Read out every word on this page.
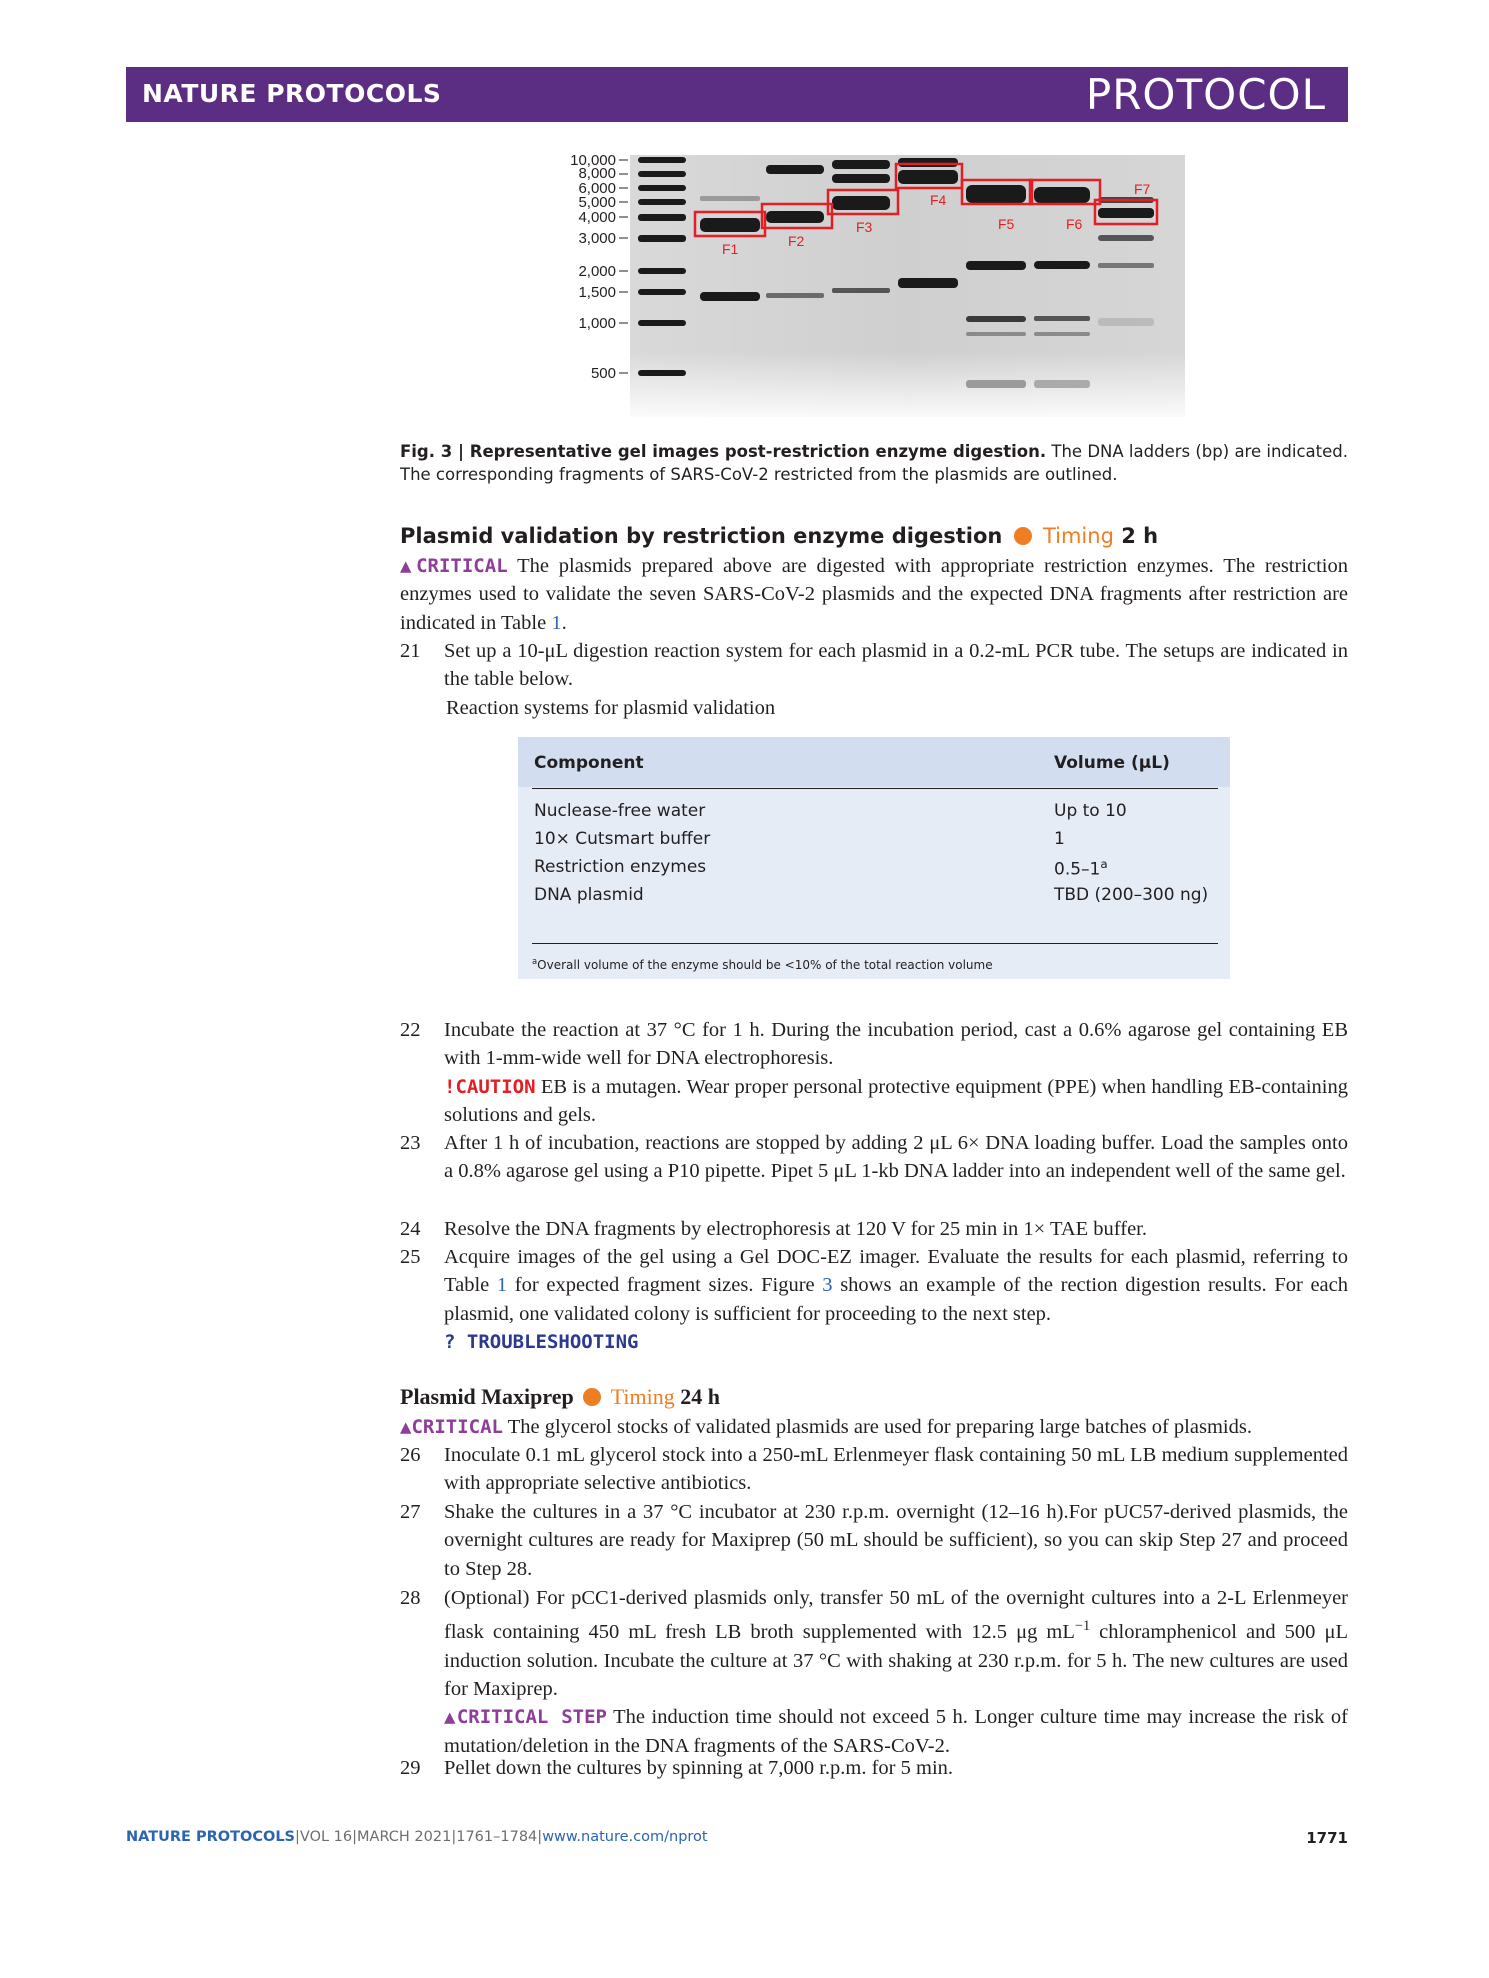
NATURE PROTOCOLS	PROTOCOL
10,000
8,000
6,000
5,000
4,000
3,000
2,000
1,500
1,000
500
F1	F2
F3
F4
F5	F6
F7
Fig. 3 | Representative gel images post-restriction enzyme digestion. The DNA ladders (bp) are indicated. The corresponding fragments of SARS-CoV-2 restricted from the plasmids are outlined.
Plasmid validation by restriction enzyme digestion Timing 2 h
▲CRITICAL The plasmids prepared above are digested with appropriate restriction enzymes. The restriction enzymes used to validate the seven SARS-CoV-2 plasmids and the expected DNA fragments after restriction are indicated in Table 1.
21 Set up a 10-μL digestion reaction system for each plasmid in a 0.2-mL PCR tube. The setups are indicated in the table below.
Reaction systems for plasmid validation
Component	Volume (μL)
Nuclease-free water	Up to 10
10× Cutsmart buffer	1
Restriction enzymes	0.5–1$^a$
DNA plasmid	TBD (200–300 ng)
$^a$Overall volume of the enzyme should be <10% of the total reaction volume
22 Incubate the reaction at 37 °C for 1 h. During the incubation period, cast a 0.6% agarose gel containing EB with 1-mm-wide well for DNA electrophoresis.
!CAUTION EB is a mutagen. Wear proper personal protective equipment (PPE) when handling EB-containing solutions and gels.
23 After 1 h of incubation, reactions are stopped by adding 2 μL 6× DNA loading buffer. Load the samples onto a 0.8% agarose gel using a P10 pipette. Pipet 5 μL 1-kb DNA ladder into an independent well of the same gel.
24 Resolve the DNA fragments by electrophoresis at 120 V for 25 min in 1× TAE buffer.
25 Acquire images of the gel using a Gel DOC-EZ imager. Evaluate the results for each plasmid, referring to Table 1 for expected fragment sizes. Figure 3 shows an example of the rection digestion results. For each plasmid, one validated colony is sufficient for proceeding to the next step.
? TROUBLESHOOTING
Plasmid Maxiprep Timing 24 h
▲CRITICAL The glycerol stocks of validated plasmids are used for preparing large batches of plasmids.
26 Inoculate 0.1 mL glycerol stock into a 250-mL Erlenmeyer flask containing 50 mL LB medium supplemented with appropriate selective antibiotics.
27 Shake the cultures in a 37 °C incubator at 230 r.p.m. overnight (12–16 h).For pUC57-derived plasmids, the overnight cultures are ready for Maxiprep (50 mL should be sufficient), so you can skip Step 27 and proceed to Step 28.
28 (Optional) For pCC1-derived plasmids only, transfer 50 mL of the overnight cultures into a 2-L Erlenmeyer flask containing 450 mL fresh LB broth supplemented with 12.5 μg $mL^{-1}$ chloramphenicol and 500 μL induction solution. Incubate the culture at 37 °C with shaking at 230 r.p.m. for 5 h. The new cultures are used for Maxiprep.
▲CRITICAL STEP The induction time should not exceed 5 h. Longer culture time may increase the risk of mutation/deletion in the DNA fragments of the SARS-CoV-2.
29 Pellet down the cultures by spinning at 7,000 r.p.m. for 5 min.
NATURE PROTOCOLS|VOL 16|MARCH 2021|1761–1784|www.nature.com/nprot	1771
